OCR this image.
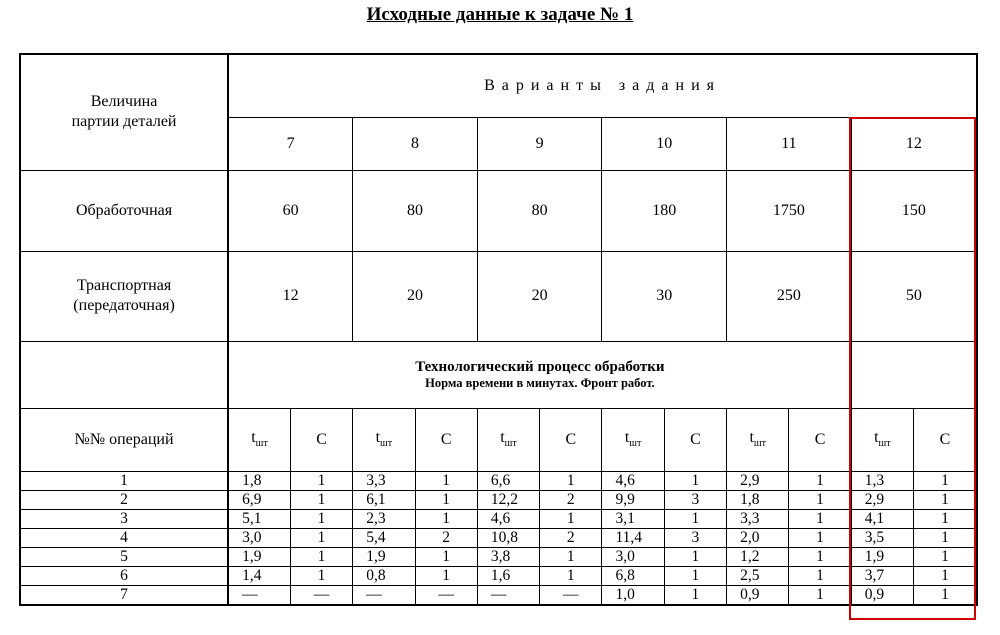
Исходные данные к задаче № 1
Величина
партии деталей	Варианты задания											
	7		8		9		10		11		12	
Обработочная	60		80		80		180		1750		150	

Транспортная
(передаточная)	12		20		20		30		250		50	

	Технологический процесс обработки
Норма времени в минутах. Фронт работ.											

№№ операций	$t_{шт}$	С	$t_{шт}$	С	$t_{шт}$	С	$t_{шт}$	С	$t_{шт}$	С	$t_{шт}$	С
1	1,8	1	3,3	1	6,6	1	4,6	1	2,9	1	1,3	1
2	6,9	1	6,1	1	12,2	2	9,9	3	1,8	1	2,9	1
3	5,1	1	2,3	1	4,6	1	3,1	1	3,3	1	4,1	1
4	3,0	1	5,4	2	10,8	2	11,4	3	2,0	1	3,5	1
5	1,9	1	1,9	1	3,8	1	3,0	1	1,2	1	1,9	1
6	1,4	1	0,8	1	1,6	1	6,8	1	2,5	1	3,7	1
7	—	—	—	—	—	—	1,0	1	0,9	1	0,9	1
